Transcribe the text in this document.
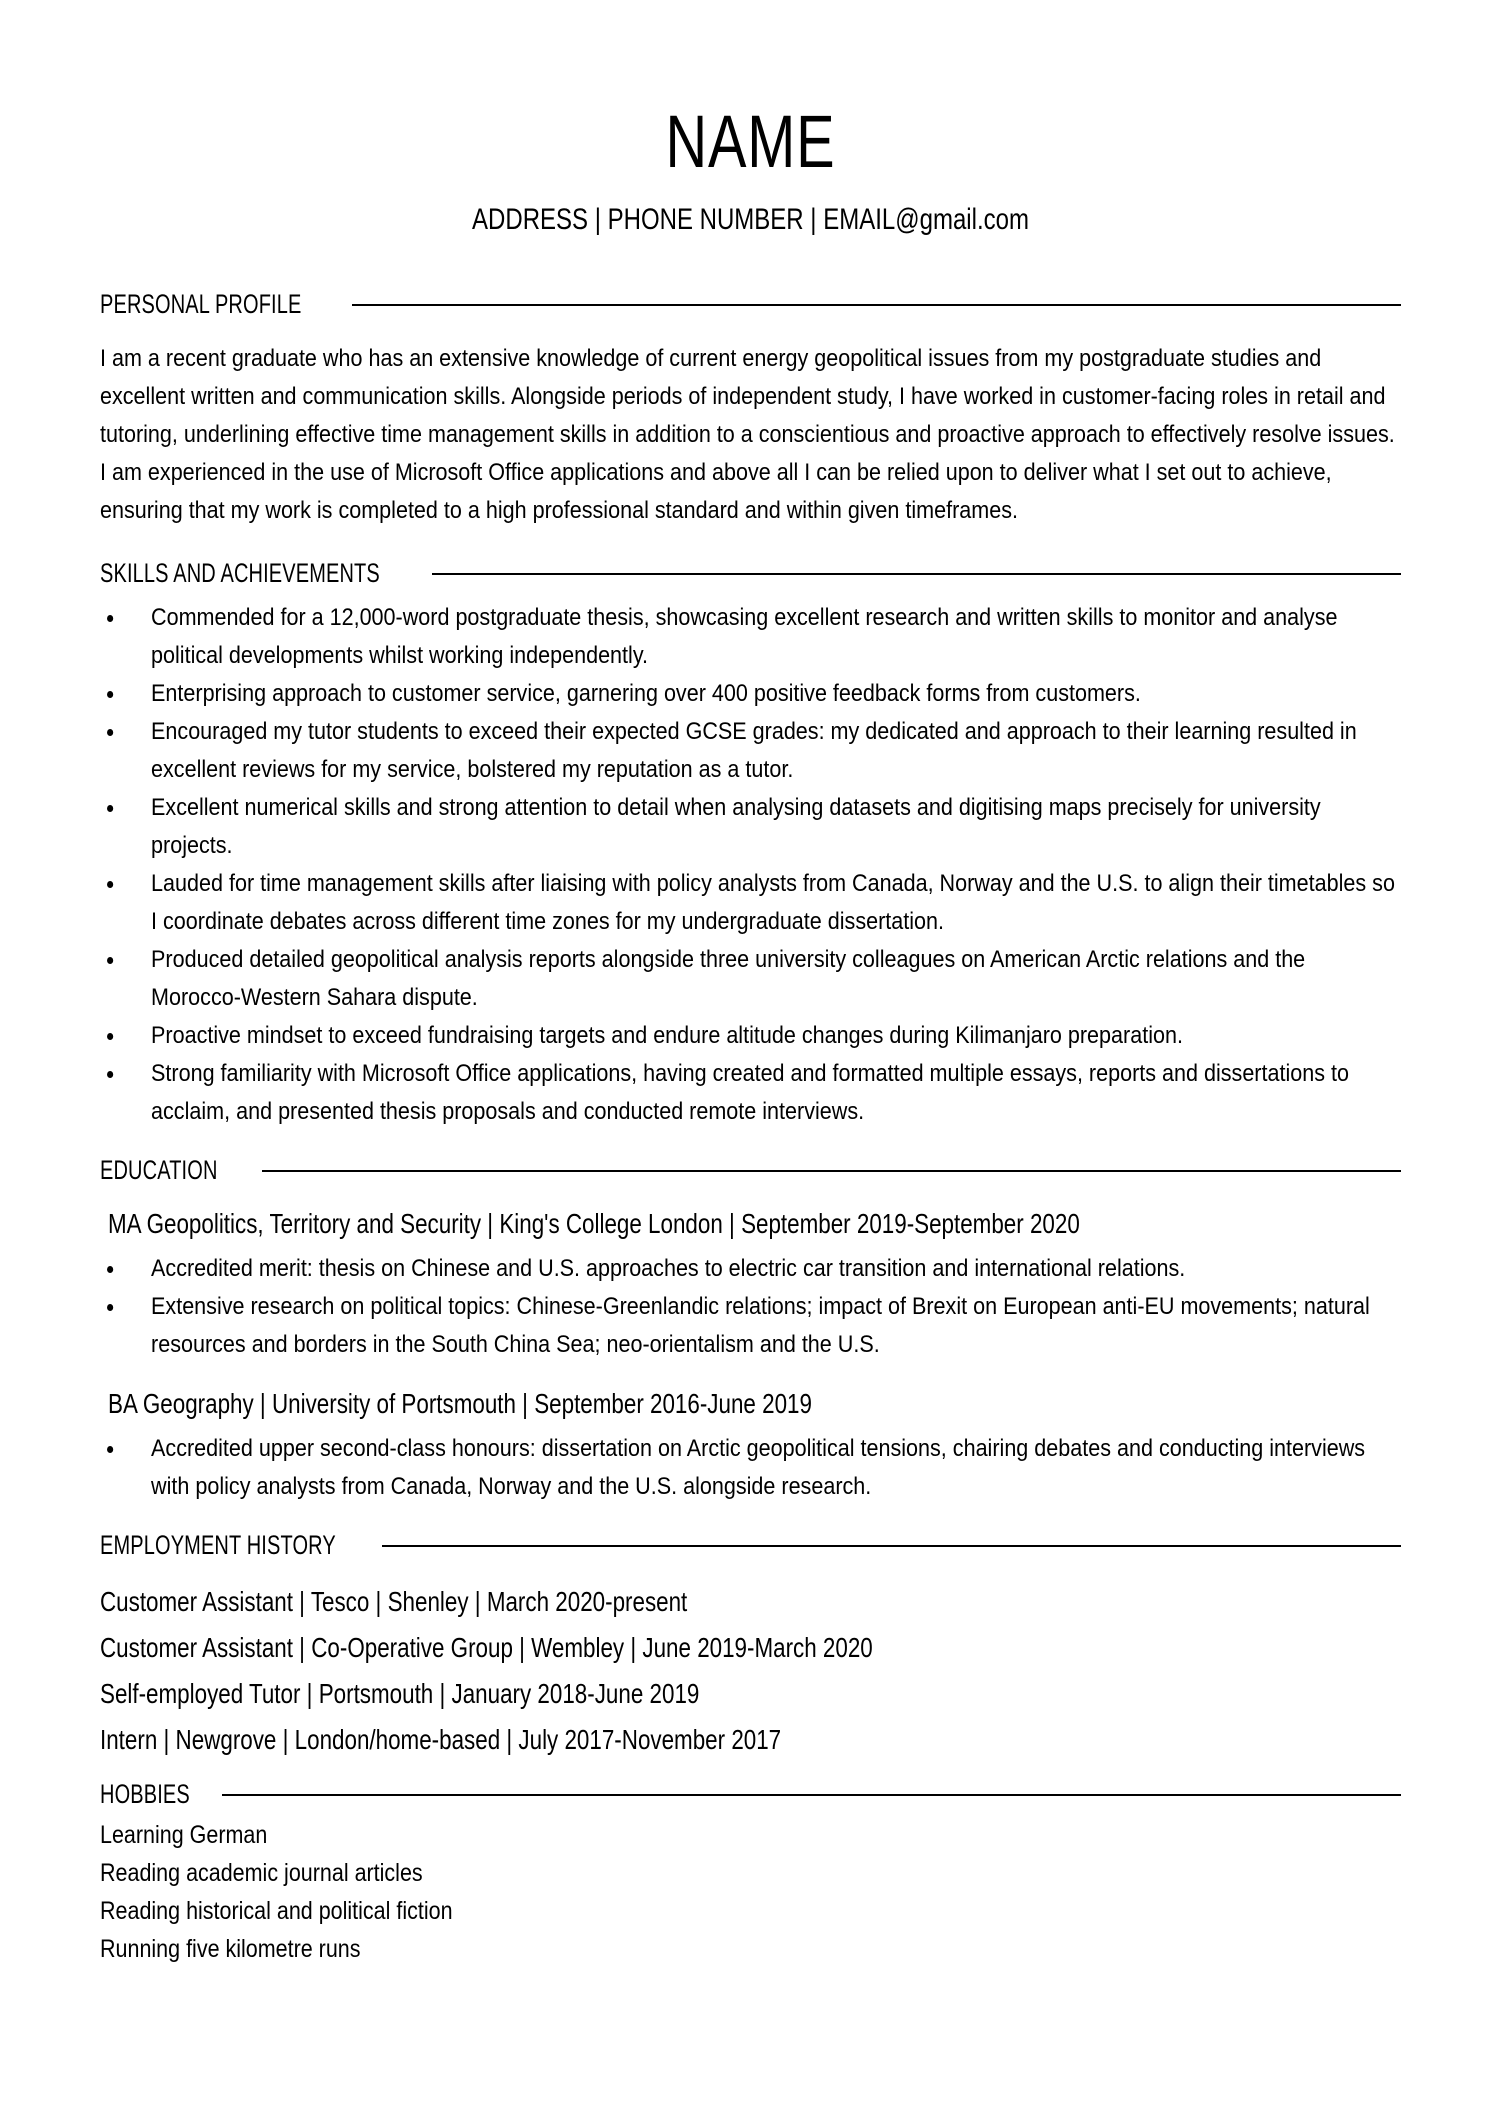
NAME
ADDRESS | PHONE NUMBER | EMAIL@gmail.com
PERSONAL PROFILE

I am a recent graduate who has an extensive knowledge of current energy geopolitical issues from my postgraduate studies and excellent written and communication skills. Alongside periods of independent study, I have worked in customer-facing roles in retail and tutoring, underlining effective time management skills in addition to a conscientious and proactive approach to effectively resolve issues. I am experienced in the use of Microsoft Office applications and above all I can be relied upon to deliver what I set out to achieve, ensuring that my work is completed to a high professional standard and within given timeframes.

SKILLS AND ACHIEVEMENTS
Commended for a 12,000-word postgraduate thesis, showcasing excellent research and written skills to monitor and analyse political developments whilst working independently.
Enterprising approach to customer service, garnering over 400 positive feedback forms from customers.
Encouraged my tutor students to exceed their expected GCSE grades: my dedicated and approach to their learning resulted in excellent reviews for my service, bolstered my reputation as a tutor.
Excellent numerical skills and strong attention to detail when analysing datasets and digitising maps precisely for university projects.
Lauded for time management skills after liaising with policy analysts from Canada, Norway and the U.S. to align their timetables so I coordinate debates across different time zones for my undergraduate dissertation.
Produced detailed geopolitical analysis reports alongside three university colleagues on American Arctic relations and the Morocco-Western Sahara dispute.
Proactive mindset to exceed fundraising targets and endure altitude changes during Kilimanjaro preparation.
Strong familiarity with Microsoft Office applications, having created and formatted multiple essays, reports and dissertations to acclaim, and presented thesis proposals and conducted remote interviews.
EDUCATION
MA Geopolitics, Territory and Security | King's College London | September 2019-September 2020
Accredited merit: thesis on Chinese and U.S. approaches to electric car transition and international relations.
Extensive research on political topics: Chinese-Greenlandic relations; impact of Brexit on European anti-EU movements; natural resources and borders in the South China Sea; neo-orientalism and the U.S.
BA Geography | University of Portsmouth | September 2016-June 2019
Accredited upper second-class honours: dissertation on Arctic geopolitical tensions, chairing debates and conducting interviews with policy analysts from Canada, Norway and the U.S. alongside research.
EMPLOYMENT HISTORY
Customer Assistant | Tesco | Shenley | March 2020-present
Customer Assistant | Co-Operative Group | Wembley | June 2019-March 2020
Self-employed Tutor | Portsmouth | January 2018-June 2019
Intern | Newgrove | London/home-based | July 2017-November 2017
HOBBIES
Learning German
Reading academic journal articles
Reading historical and political fiction
Running five kilometre runs
